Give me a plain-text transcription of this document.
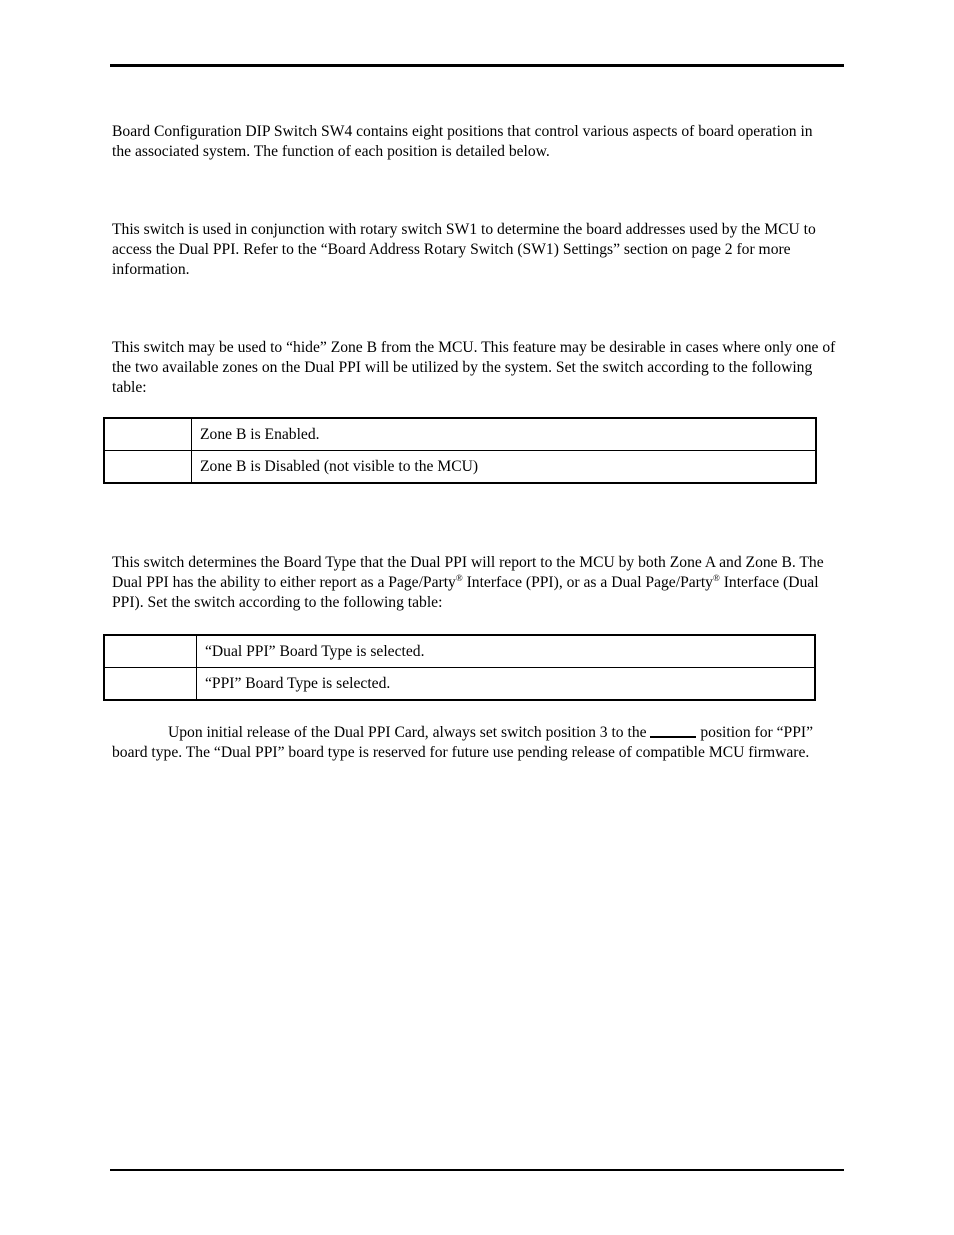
Board Configuration DIP Switch SW4 contains eight positions that control various aspects of board operation in the associated system. The function of each position is detailed below.

This switch is used in conjunction with rotary switch SW1 to determine the board addresses used by the MCU to access the Dual PPI. Refer to the “Board Address Rotary Switch (SW1) Settings” section on page 2 for more information.

This switch may be used to “hide” Zone B from the MCU. This feature may be desirable in cases where only one of the two available zones on the Dual PPI will be utilized by the system. Set the switch according to the following table:

	Zone B is Enabled.
	Zone B is Disabled (not visible to the MCU)

This switch determines the Board Type that the Dual PPI will report to the MCU by both Zone A and Zone B. The Dual PPI has the ability to either report as a Page/Party® Interface (PPI), or as a Dual Page/Party® Interface (Dual PPI). Set the switch according to the following table:

	“Dual PPI” Board Type is selected.
	“PPI” Board Type is selected.

Upon initial release of the Dual PPI Card, always set switch position 3 to the	position for “PPI” board type. The “Dual PPI” board type is reserved for future use pending release of compatible MCU firmware.
